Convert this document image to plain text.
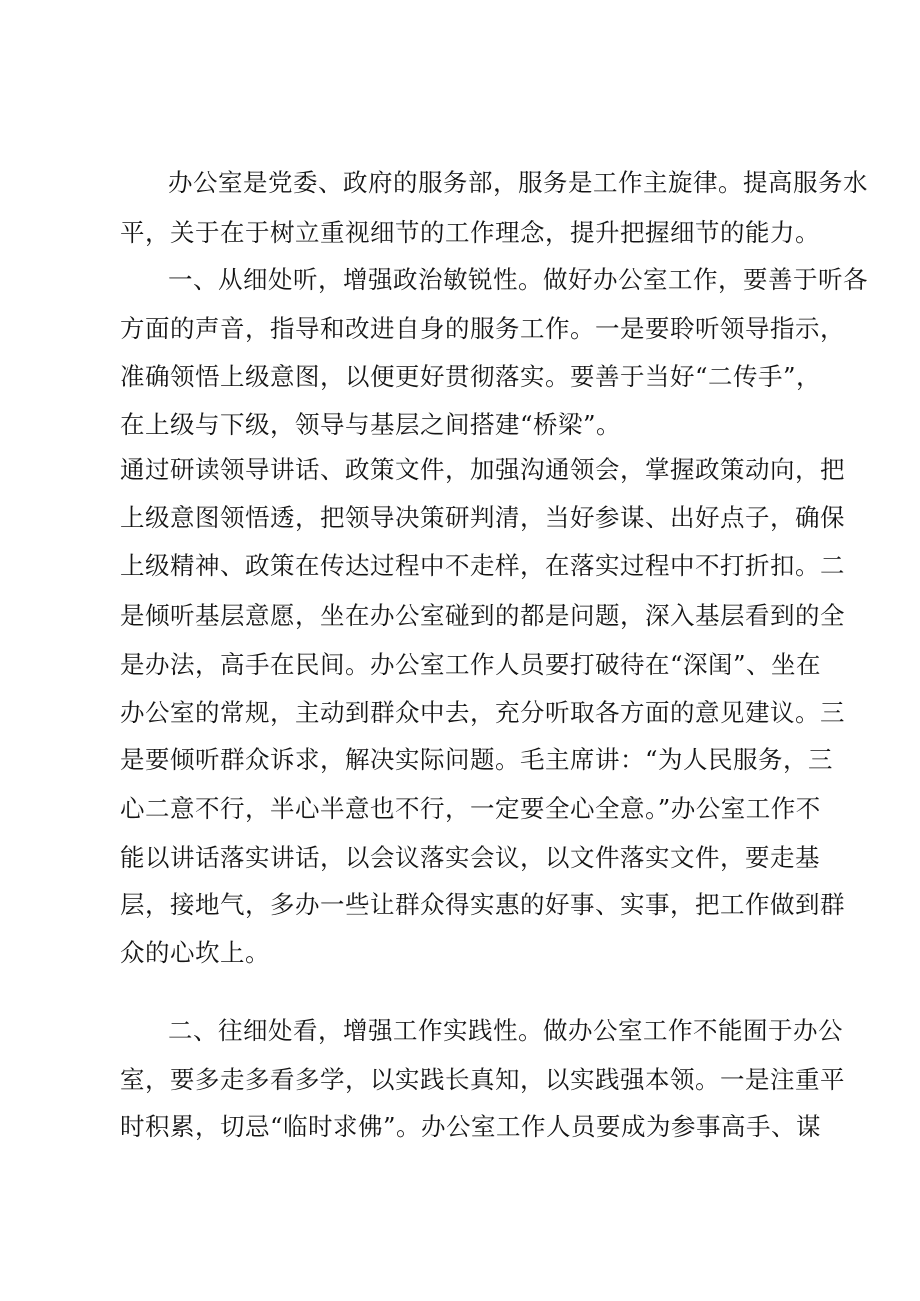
办公室是党委、政府的服务部，服务是工作主旋律。提高服务水
平，关于在于树立重视细节的工作理念，提升把握细节的能力。
一、从细处听，增强政治敏锐性。做好办公室工作，要善于听各
方面的声音，指导和改进自身的服务工作。一是要聆听领导指示，
准确领悟上级意图，以便更好贯彻落实。要善于当好“二传手”，
在上级与下级，领导与基层之间搭建“桥梁”。
通过研读领导讲话、政策文件，加强沟通领会，掌握政策动向，把
上级意图领悟透，把领导决策研判清，当好参谋、出好点子，确保
上级精神、政策在传达过程中不走样，在落实过程中不打折扣。二
是倾听基层意愿，坐在办公室碰到的都是问题，深入基层看到的全
是办法，高手在民间。办公室工作人员要打破待在“深闺”、坐在
办公室的常规，主动到群众中去，充分听取各方面的意见建议。三
是要倾听群众诉求，解决实际问题。毛主席讲：“为人民服务，三
心二意不行，半心半意也不行，一定要全心全意。”办公室工作不
能以讲话落实讲话，以会议落实会议，以文件落实文件，要走基
层，接地气，多办一些让群众得实惠的好事、实事，把工作做到群
众的心坎上。
二、往细处看，增强工作实践性。做办公室工作不能囿于办公
室，要多走多看多学，以实践长真知，以实践强本领。一是注重平
时积累，切忌“临时求佛”。办公室工作人员要成为参事高手、谋
